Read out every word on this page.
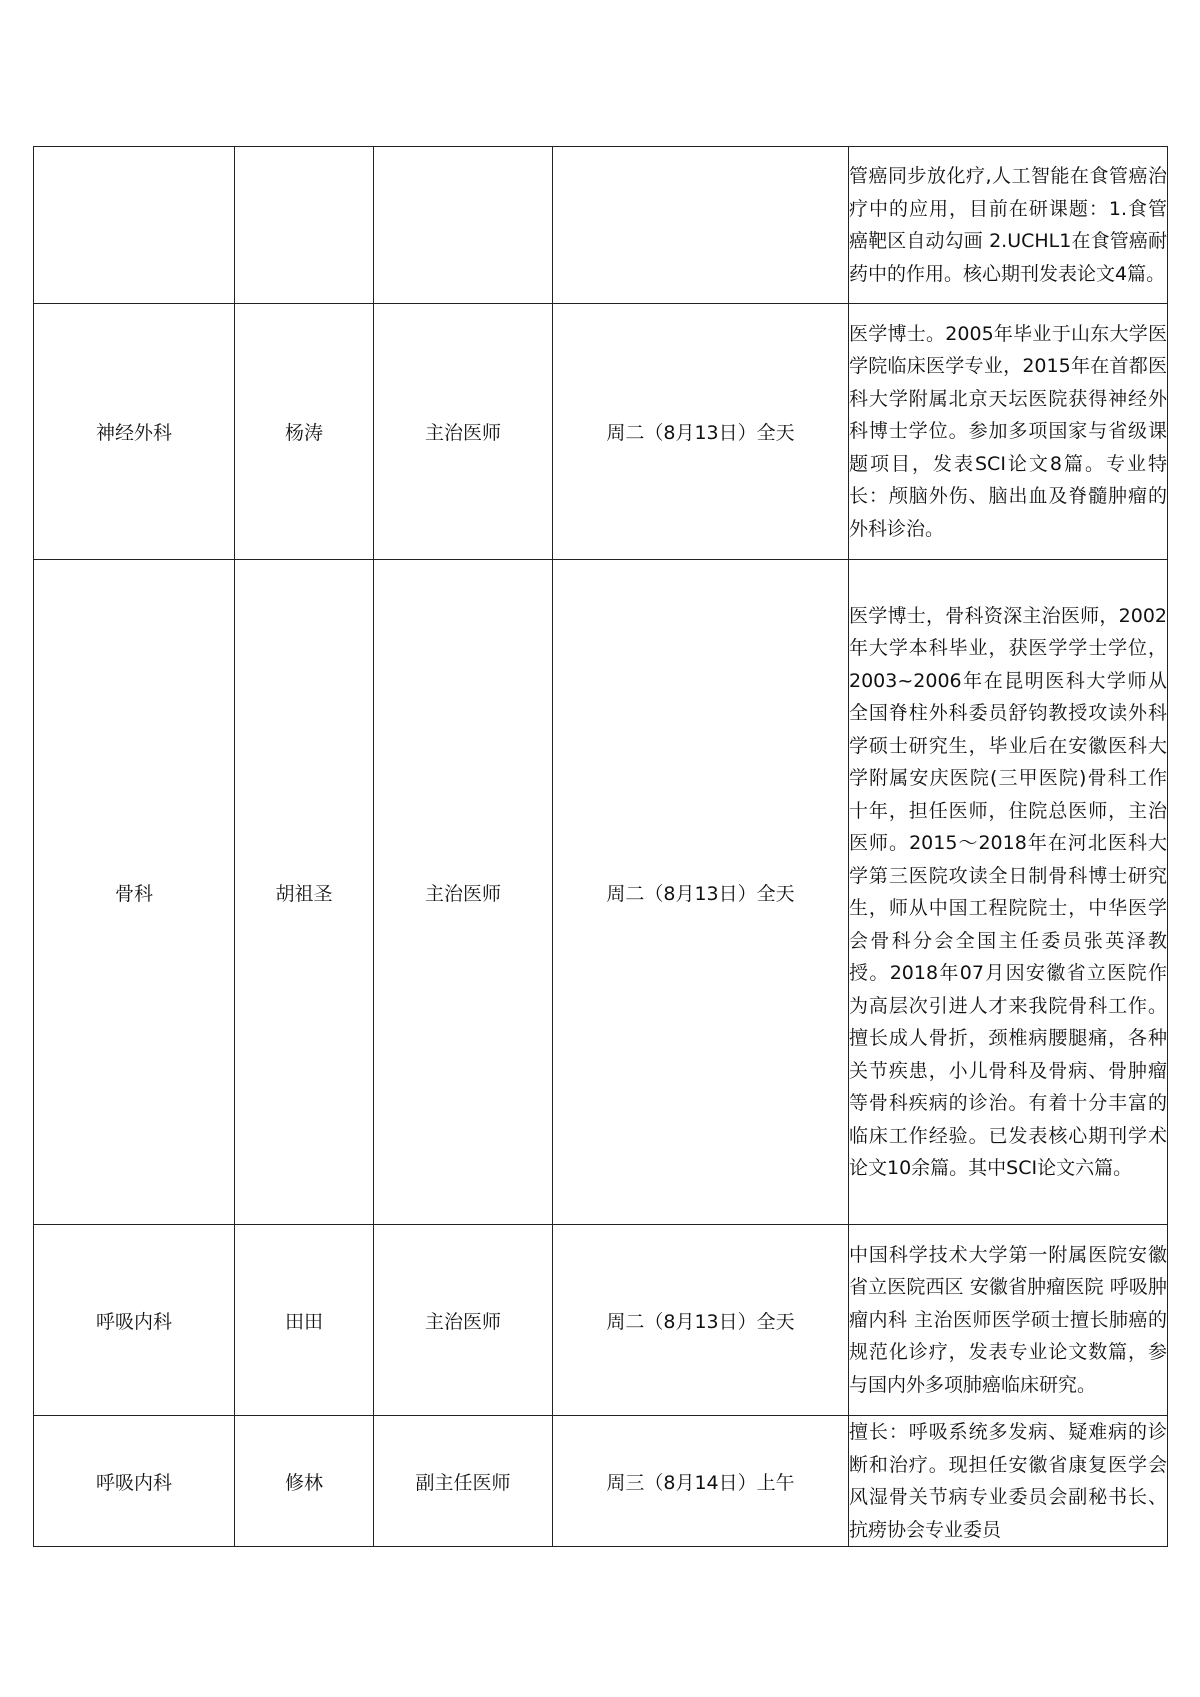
				管癌同步放化疗,人工智能在食管癌治疗中的应用，目前在研课题：1.食管癌靶区自动勾画 2.UCHL1在食管癌耐药中的作用。核心期刊发表论文4篇。
神经外科	杨涛	主治医师	周二（8月13日）全天	医学博士。2005年毕业于山东大学医学院临床医学专业，2015年在首都医科大学附属北京天坛医院获得神经外科博士学位。参加多项国家与省级课题项目，发表SCI论文8篇。专业特长：颅脑外伤、脑出血及脊髓肿瘤的外科诊治。
骨科	胡祖圣	主治医师	周二（8月13日）全天	医学博士，骨科资深主治医师，2002年大学本科毕业，获医学学士学位，2003~2006年在昆明医科大学师从全国脊柱外科委员舒钧教授攻读外科学硕士研究生，毕业后在安徽医科大学附属安庆医院(三甲医院)骨科工作十年，担任医师，住院总医师，主治医师。2015～2018年在河北医科大学第三医院攻读全日制骨科博士研究生，师从中国工程院院士，中华医学会骨科分会全国主任委员张英泽教授。2018年07月因安徽省立医院作为高层次引进人才来我院骨科工作。擅长成人骨折，颈椎病腰腿痛，各种关节疾患，小儿骨科及骨病、骨肿瘤等骨科疾病的诊治。有着十分丰富的临床工作经验。已发表核心期刊学术论文10余篇。其中SCI论文六篇。
呼吸内科	田田	主治医师	周二（8月13日）全天	中国科学技术大学第一附属医院安徽省立医院西区 安徽省肿瘤医院 呼吸肿瘤内科 主治医师医学硕士擅长肺癌的规范化诊疗，发表专业论文数篇，参与国内外多项肺癌临床研究。
呼吸内科	修林	副主任医师	周三（8月14日）上午	擅长：呼吸系统多发病、疑难病的诊断和治疗。现担任安徽省康复医学会风湿骨关节病专业委员会副秘书长、抗痨协会专业委员
